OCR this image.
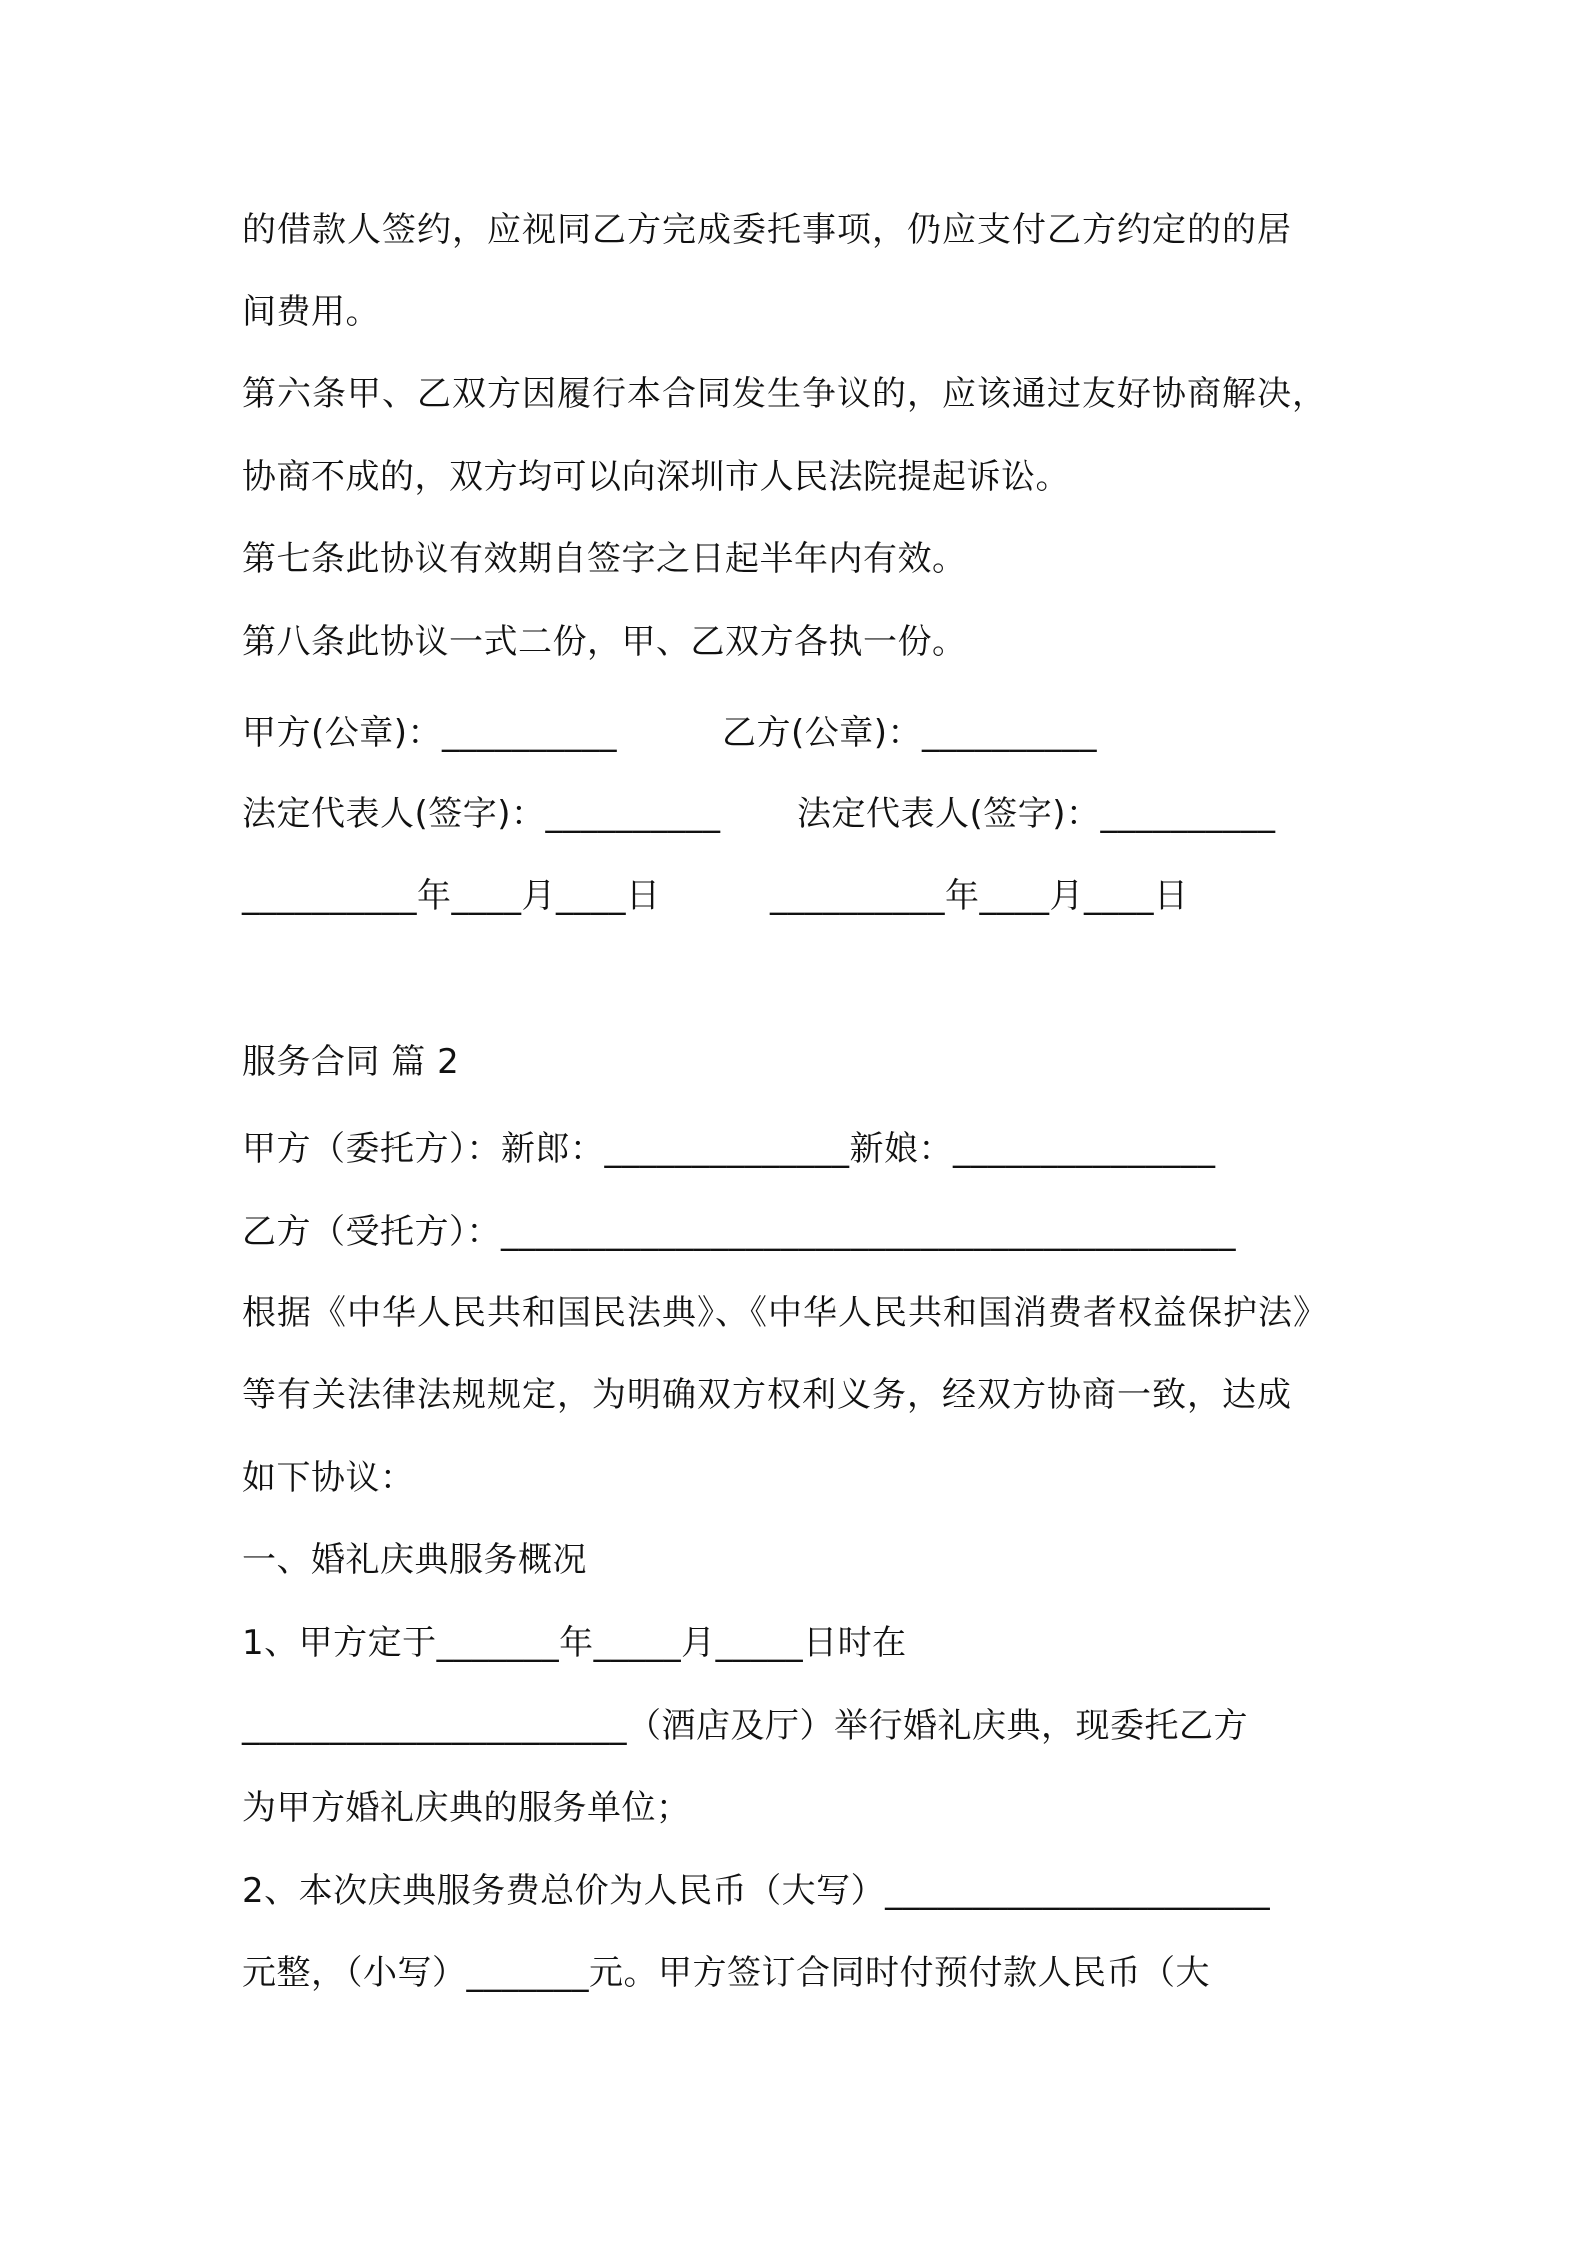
的借款人签约，应视同乙方完成委托事项，仍应支付乙方约定的的居

间费用。

第六条甲、乙双方因履行本合同发生争议的，应该通过友好协商解决，

协商不成的，双方均可以向深圳市人民法院提起诉讼。

第七条此协议有效期自签字之日起半年内有效。

第八条此协议一式二份，甲、乙双方各执一份。

甲方(公章)：__________	乙方(公章)：__________
法定代表人(签字)：__________ 法定代表人(签字)：__________
__________年____月____日	__________年____月____日

服务合同 篇 2

甲方（委托方）：新郎：______________新娘：_______________

乙方（受托方）：__________________________________________

根据《中华人民共和国民法典》、《中华人民共和国消费者权益保护法》

等有关法律法规规定，为明确双方权利义务，经双方协商一致，达成

如下协议：

一、婚礼庆典服务概况

1、甲方定于_______年_____月_____日时在

______________________（酒店及厅）举行婚礼庆典，现委托乙方

为甲方婚礼庆典的服务单位；

2、本次庆典服务费总价为人民币（大写）______________________

元整，（小写）_______元。甲方签订合同时付预付款人民币（大
